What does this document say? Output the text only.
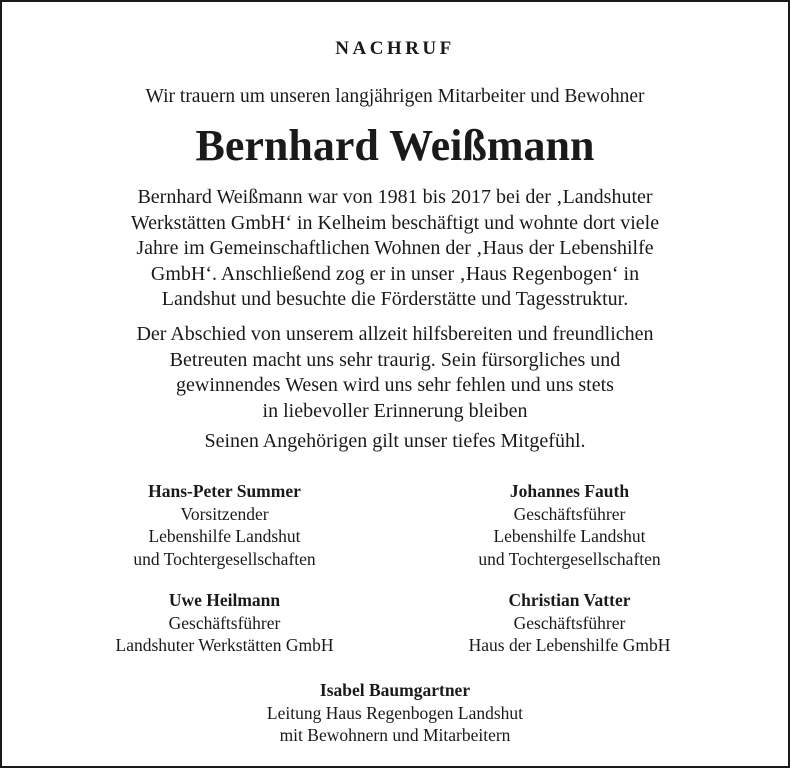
NACHRUF
Wir trauern um unseren langjährigen Mitarbeiter und Bewohner
Bernhard Weißmann
Bernhard Weißmann war von 1981 bis 2017 bei der ‚Landshuter
Werkstätten GmbH‘ in Kelheim beschäftigt und wohnte dort viele
Jahre im Gemeinschaftlichen Wohnen der ‚Haus der Lebenshilfe
GmbH‘. Anschließend zog er in unser ‚Haus Regenbogen‘ in
Landshut und besuchte die Förderstätte und Tagesstruktur.
Der Abschied von unserem allzeit hilfsbereiten und freundlichen
Betreuten macht uns sehr traurig. Sein fürsorgliches und
gewinnendes Wesen wird uns sehr fehlen und uns stets
in liebevoller Erinnerung bleiben
Seinen Angehörigen gilt unser tiefes Mitgefühl.
Hans-Peter Summer
Vorsitzender
Lebenshilfe Landshut
und Tochtergesellschaften
Johannes Fauth
Geschäftsführer
Lebenshilfe Landshut
und Tochtergesellschaften
Uwe Heilmann
Geschäftsführer
Landshuter Werkstätten GmbH
Christian Vatter
Geschäftsführer
Haus der Lebenshilfe GmbH
Isabel Baumgartner
Leitung Haus Regenbogen Landshut
mit Bewohnern und Mitarbeitern
